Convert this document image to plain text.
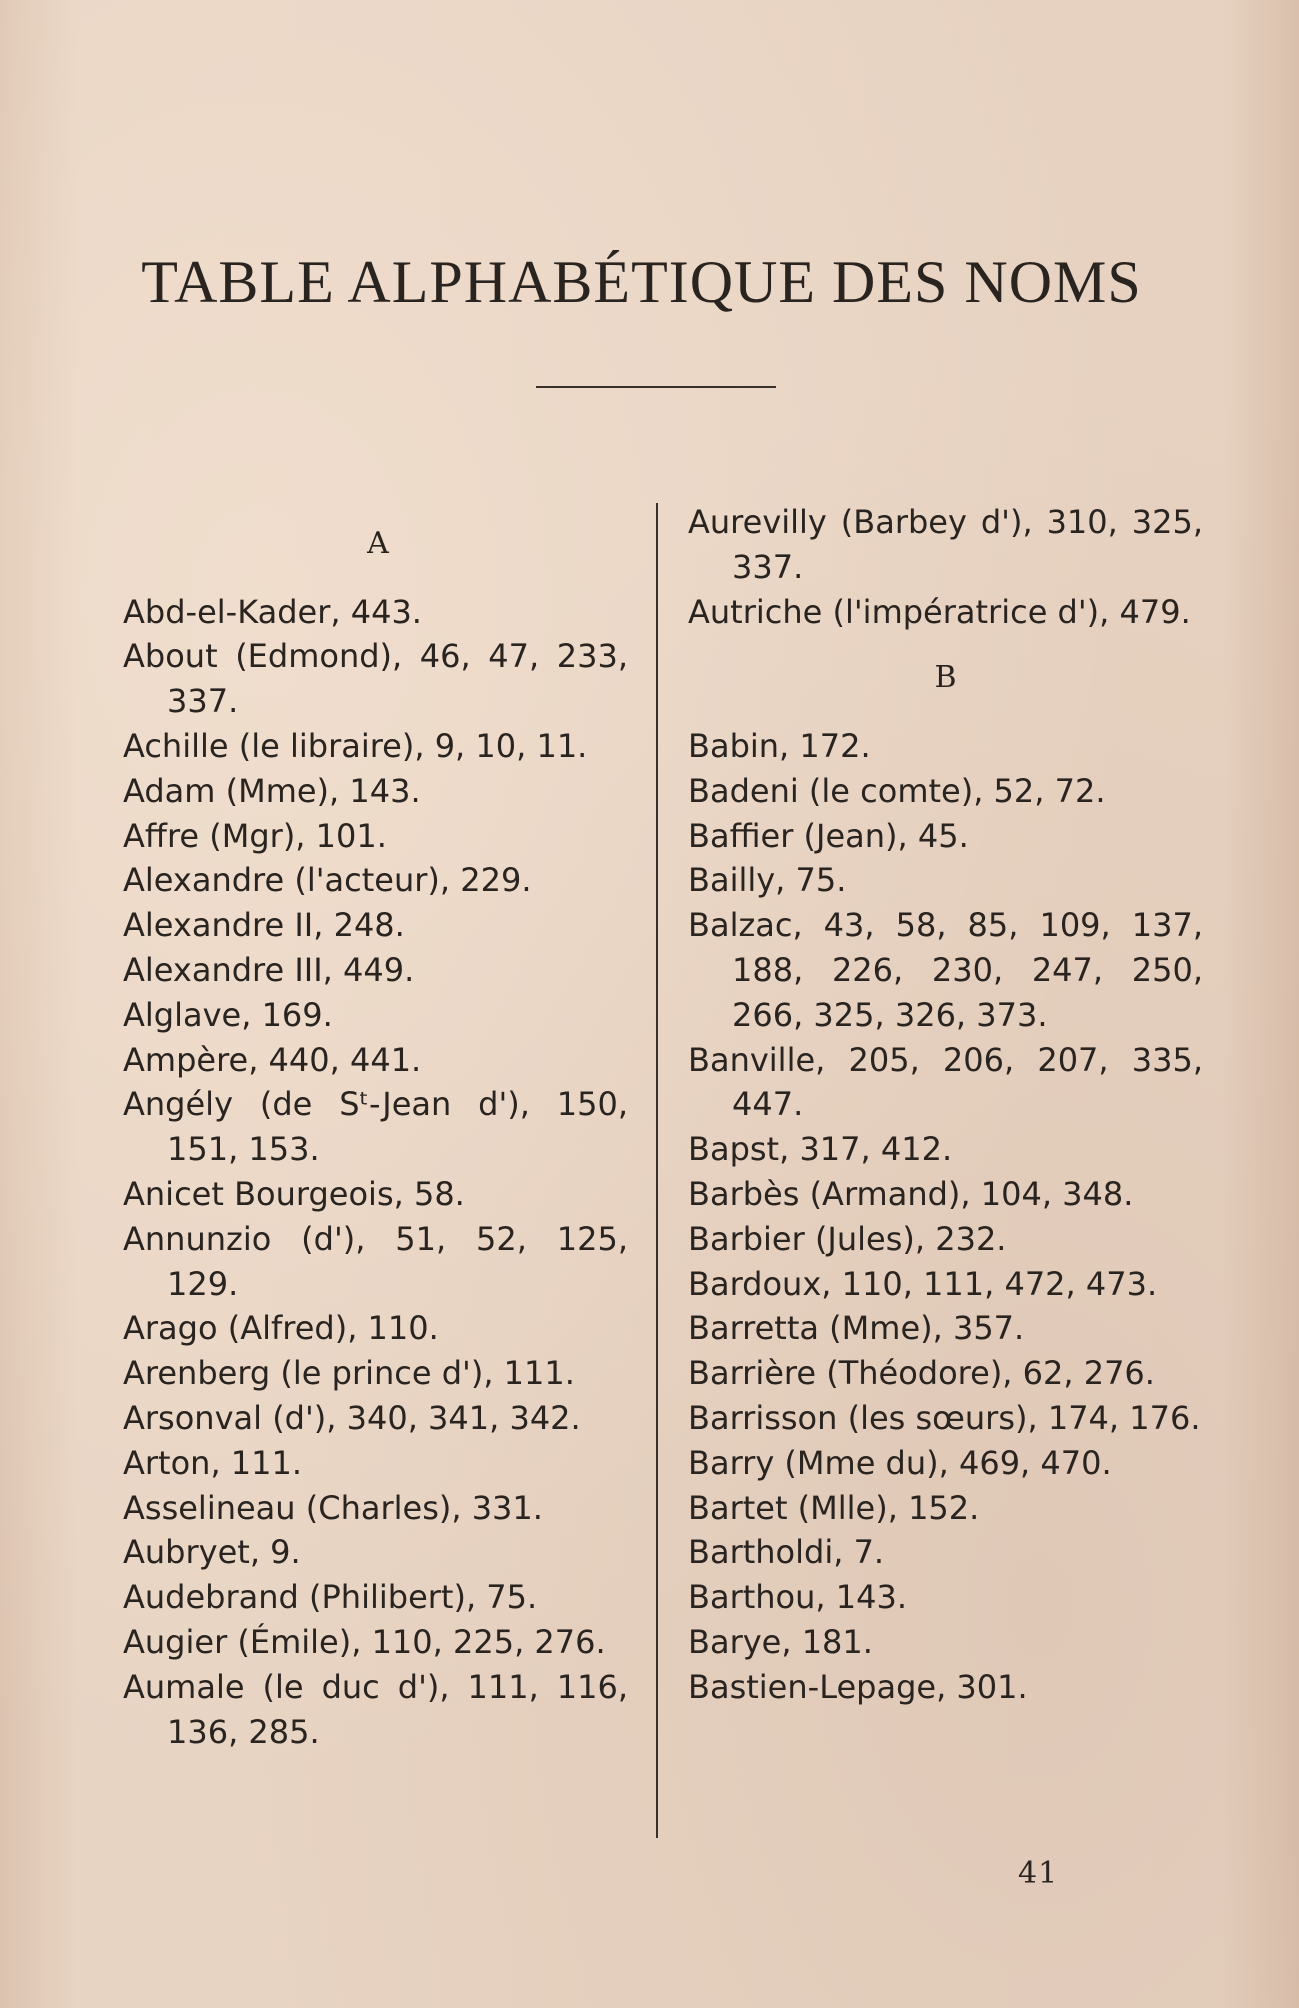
TABLE ALPHABÉTIQUE DES NOMS
A
Abd-el-Kader, 443.
About (Edmond), 46, 47, 233, 337.
Achille (le libraire), 9, 10, 11.
Adam (Mme), 143.
Affre (Mgr), 101.
Alexandre (l'acteur), 229.
Alexandre II, 248.
Alexandre III, 449.
Alglave, 169.
Ampère, 440, 441.
Angély (de Sᵗ-Jean d'), 150, 151, 153.
Anicet Bourgeois, 58.
Annunzio (d'), 51, 52, 125, 129.
Arago (Alfred), 110.
Arenberg (le prince d'), 111.
Arsonval (d'), 340, 341, 342.
Arton, 111.
Asselineau (Charles), 331.
Aubryet, 9.
Audebrand (Philibert), 75.
Augier (Émile), 110, 225, 276.
Aumale (le duc d'), 111, 116, 136, 285.
Aurevilly (Barbey d'), 310, 325, 337.
Autriche (l'impératrice d'), 479.
B
Babin, 172.
Badeni (le comte), 52, 72.
Baffier (Jean), 45.
Bailly, 75.
Balzac, 43, 58, 85, 109, 137, 188, 226, 230, 247, 250, 266, 325, 326, 373.
Banville, 205, 206, 207, 335, 447.
Bapst, 317, 412.
Barbès (Armand), 104, 348.
Barbier (Jules), 232.
Bardoux, 110, 111, 472, 473.
Barretta (Mme), 357.
Barrière (Théodore), 62, 276.
Barrisson (les sœurs), 174, 176.
Barry (Mme du), 469, 470.
Bartet (Mlle), 152.
Bartholdi, 7.
Barthou, 143.
Barye, 181.
Bastien-Lepage, 301.
41
